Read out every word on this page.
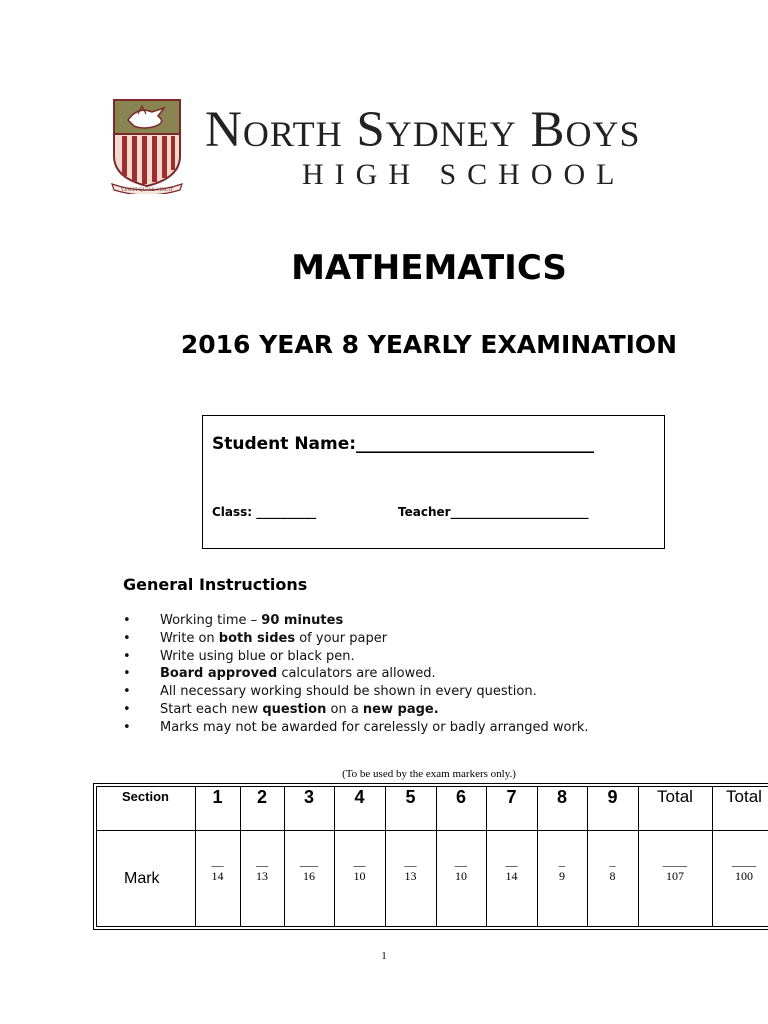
VINCIT QUI SE VINCIT
North Sydney Boys
HIGH SCHOOL
MATHEMATICS
2016 YEAR 8 YEARLY EXAMINATION
Student Name:____________________________
Class: __________	Teacher_______________________
General Instructions
• Working time – 90 minutes
• Write on both sides of your paper
• Write using blue or black pen.
• Board approved calculators are allowed.
• All necessary working should be shown in every question.
• Start each new question on a new page.
• Marks may not be awarded for carelessly or badly arranged work.
(To be used by the exam markers only.)
Section
Mark
1
__
14
2
__
13
3
___
16
4
__
10
5
__
13
6
__
10
7
__
14
8
_
9
9
_
8
Total
____
107
Total
____
100
1
